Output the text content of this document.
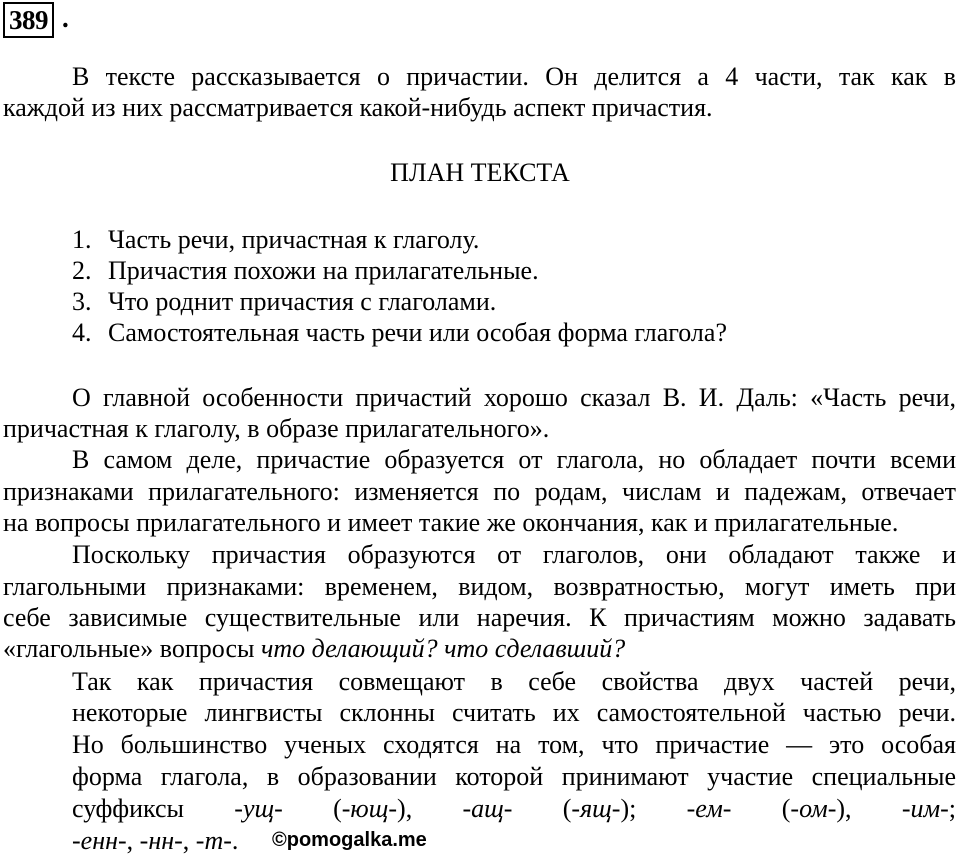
389 .
В тексте рассказывается о причастии. Он делится а 4 части, так как в
каждой из них рассматривается какой-нибудь аспект причастия.
ПЛАН ТЕКСТА
1. Часть речи, причастная к глаголу.
2. Причастия похожи на прилагательные.
3. Что роднит причастия с глаголами.
4. Самостоятельная часть речи или особая форма глагола?
О главной особенности причастий хорошо сказал В. И. Даль: «Часть речи,
причастная к глаголу, в образе прилагательного».
В самом деле, причастие образуется от глагола, но обладает почти всеми
признаками прилагательного: изменяется по родам, числам и падежам, отвечает
на вопросы прилагательного и имеет такие же окончания, как и прилагательные.
Поскольку причастия образуются от глаголов, они обладают также и
глагольными признаками: временем, видом, возвратностью, могут иметь при
себе зависимые существительные или наречия. К причастиям можно задавать
«глагольные» вопросы что делающий? что сделавший?
Так как причастия совмещают в себе свойства двух частей речи,
некоторые лингвисты склонны считать их самостоятельной частью речи.
Но большинство ученых сходятся на том, что причастие — это особая
форма глагола, в образовании которой принимают участие специальные
суффиксы -ущ- (-ющ-), -ащ- (-ящ-); -ем- (-ом-), -им-;
-енн-, -нн-, -т-. ©pomogalka.me
